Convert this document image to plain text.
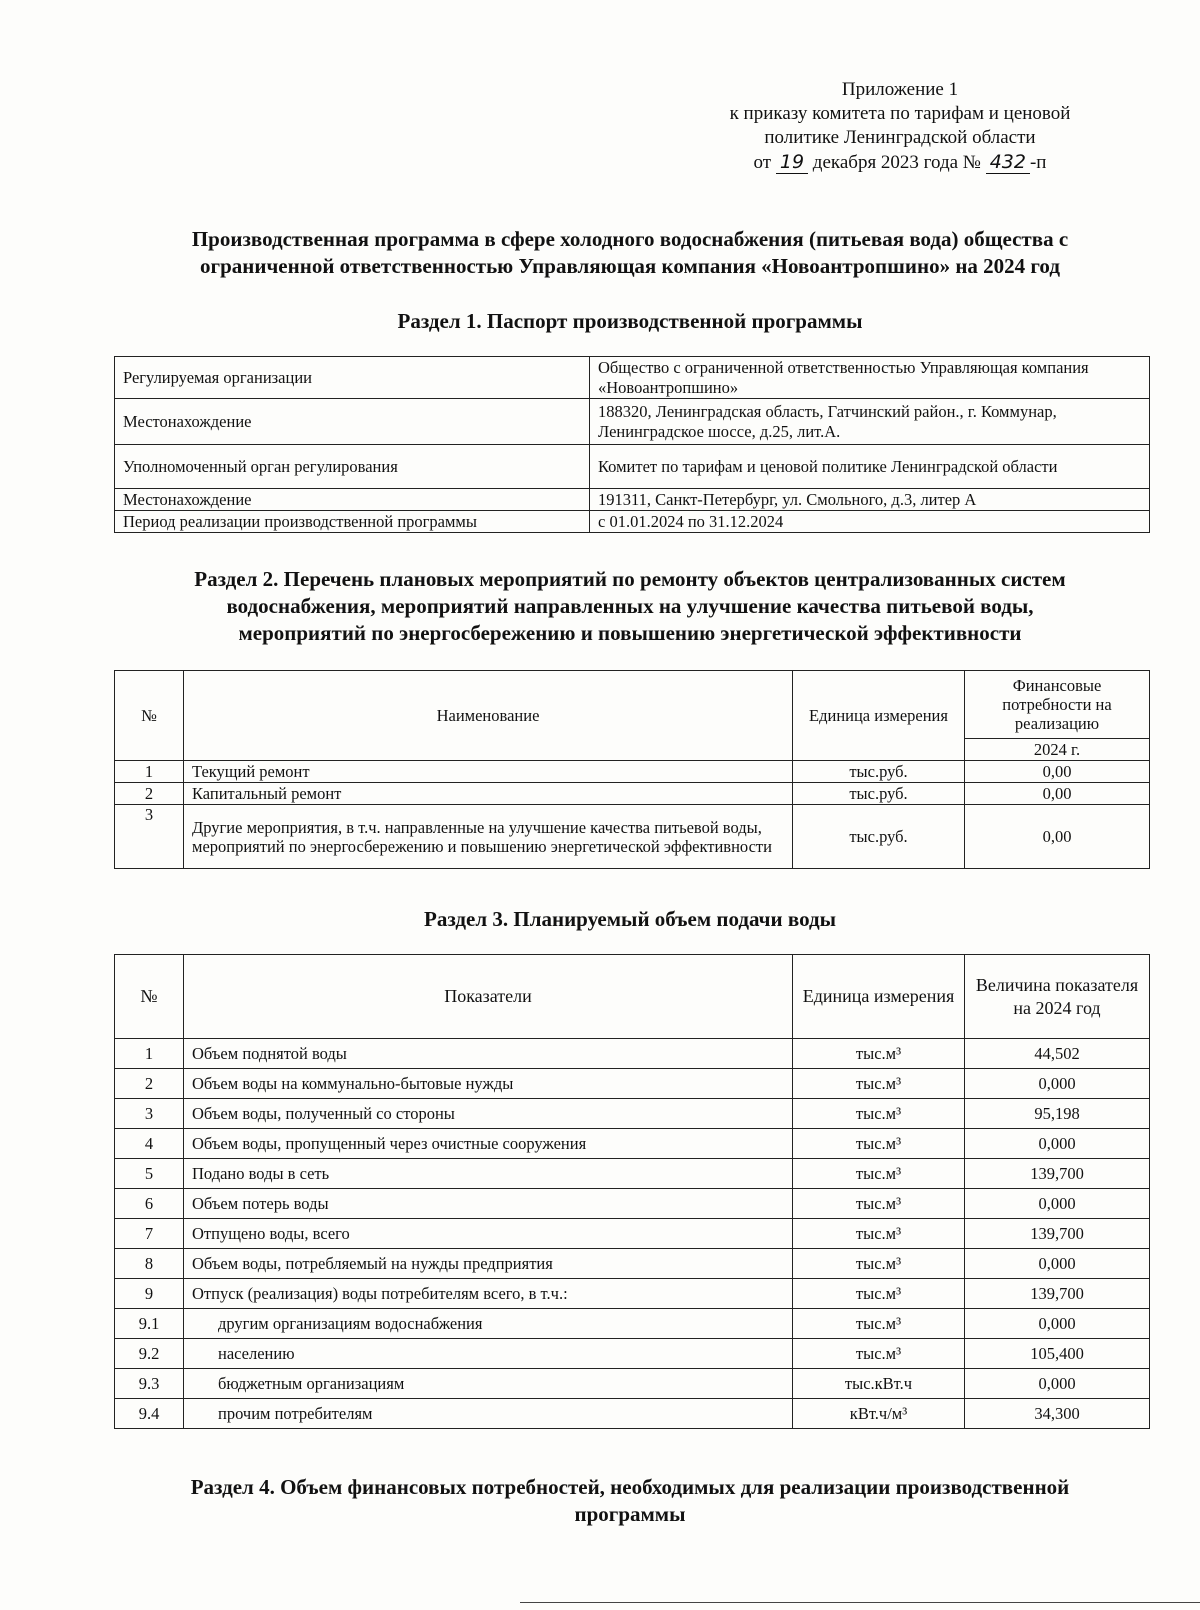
Приложение 1
к приказу комитета по тарифам и ценовой
политике Ленинградской области
от 19 декабря 2023 года № 432 -п
Производственная программа в сфере холодного водоснабжения (питьевая вода) общества с
ограниченной ответственностью Управляющая компания «Новоантропшино» на 2024 год
Раздел 1. Паспорт производственной программы
Регулируемая организации	Общество с ограниченной ответственностью Управляющая компания «Новоантропшино»
Местонахождение	188320, Ленинградская область, Гатчинский район., г. Коммунар, Ленинградское шоссе, д.25, лит.А.
Уполномоченный орган регулирования	Комитет по тарифам и ценовой политике Ленинградской области
Местонахождение	191311, Санкт-Петербург, ул. Смольного, д.3, литер А
Период реализации производственной программы	с 01.01.2024 по 31.12.2024
Раздел 2. Перечень плановых мероприятий по ремонту объектов централизованных систем
водоснабжения, мероприятий направленных на улучшение качества питьевой воды,
мероприятий по энергосбережению и повышению энергетической эффективности
№	Наименование	Единица измерения	Финансовые потребности на реализацию
			2024 г.
1	Текущий ремонт	тыс.руб.	0,00
2	Капитальный ремонт	тыс.руб.	0,00
3	Другие мероприятия, в т.ч. направленные на улучшение качества питьевой воды, мероприятий по энергосбережению и повышению энергетической эффективности	тыс.руб.	0,00
Раздел 3. Планируемый объем подачи воды
№	Показатели	Единица измерения	Величина показателя на 2024 год
1	Объем поднятой воды	тыс.м³	44,502
2	Объем воды на коммунально-бытовые нужды	тыс.м³	0,000
3	Объем воды, полученный со стороны	тыс.м³	95,198
4	Объем воды, пропущенный через очистные сооружения	тыс.м³	0,000
5	Подано воды в сеть	тыс.м³	139,700
6	Объем потерь воды	тыс.м³	0,000
7	Отпущено воды, всего	тыс.м³	139,700
8	Объем воды, потребляемый на нужды предприятия	тыс.м³	0,000
9	Отпуск (реализация) воды потребителям всего, в т.ч.:	тыс.м³	139,700
9.1	другим организациям водоснабжения	тыс.м³	0,000
9.2	населению	тыс.м³	105,400
9.3	бюджетным организациям	тыс.кВт.ч	0,000
9.4	прочим потребителям	кВт.ч/м³	34,300
Раздел 4. Объем финансовых потребностей, необходимых для реализации производственной
программы
